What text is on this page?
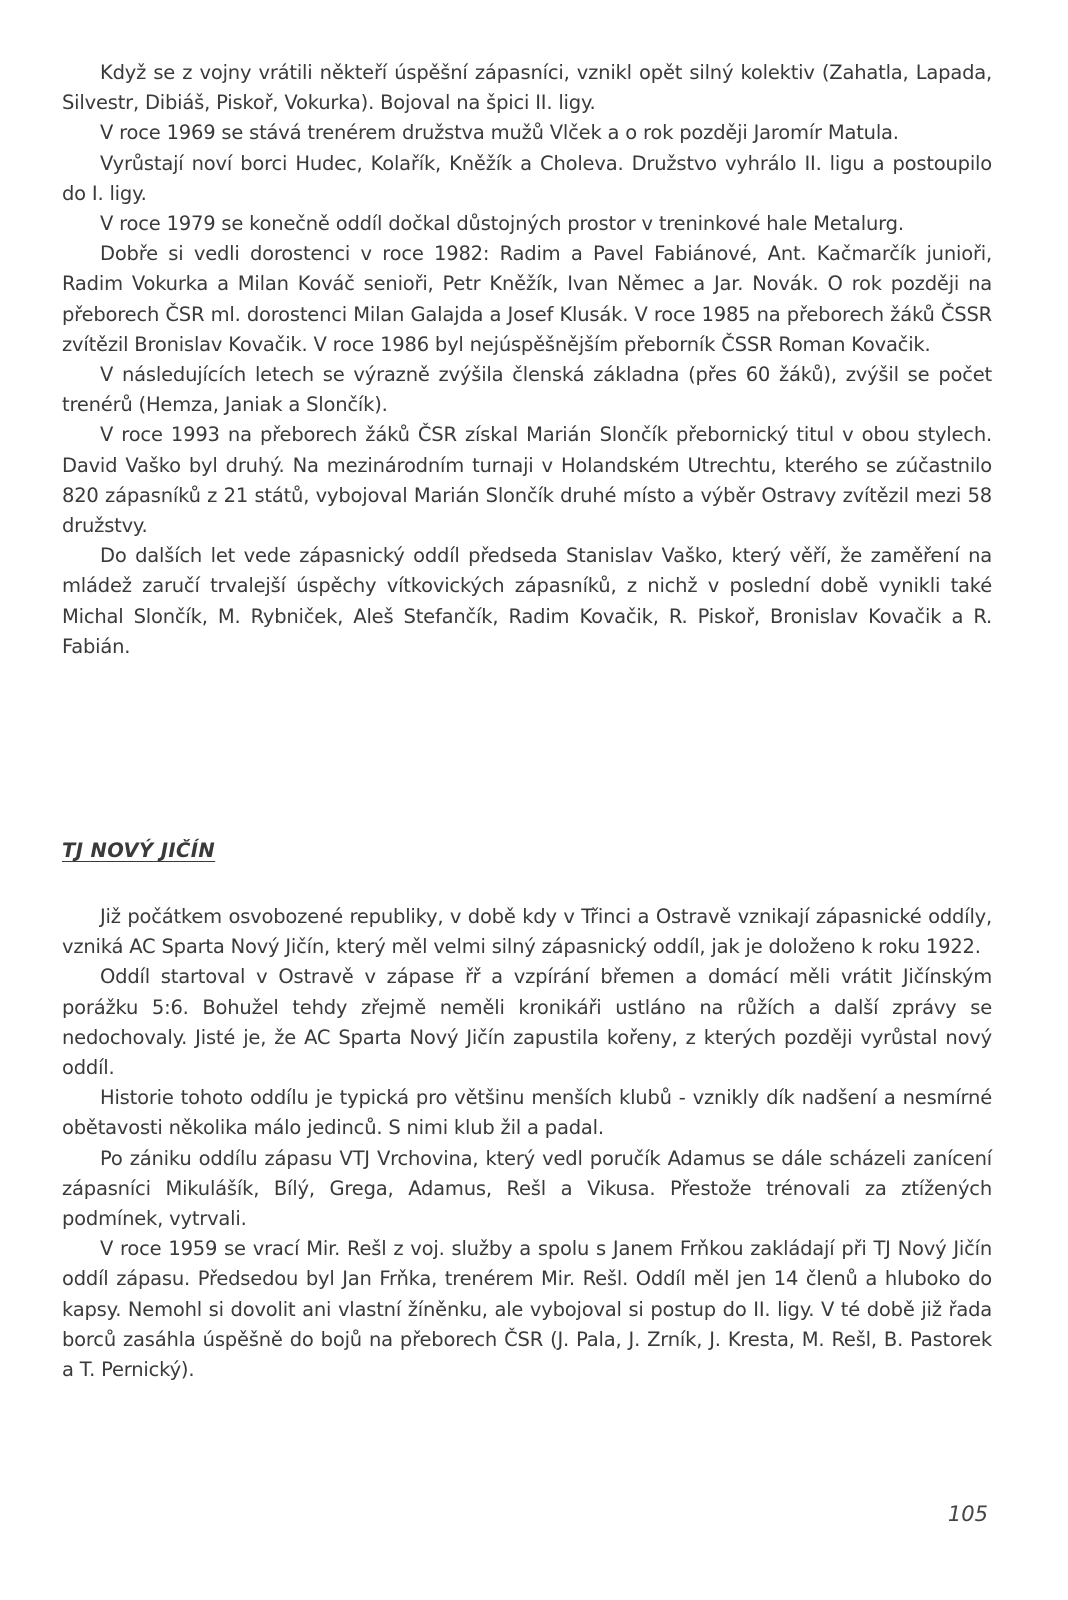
Když se z vojny vrátili někteří úspěšní zápasníci, vznikl opět silný kolektiv (Zahatla, Lapada, Silvestr, Dibiáš, Piskoř, Vokurka). Bojoval na špici II. ligy.

V roce 1969 se stává trenérem družstva mužů Vlček a o rok později Jaromír Matula.

Vyrůstají noví borci Hudec, Kolařík, Kněžík a Choleva. Družstvo vyhrálo II. ligu a postoupilo do I. ligy.

V roce 1979 se konečně oddíl dočkal důstojných prostor v treninkové hale Metalurg.

Dobře si vedli dorostenci v roce 1982: Radim a Pavel Fabiánové, Ant. Kačmarčík junioři, Radim Vokurka a Milan Kováč senioři, Petr Kněžík, Ivan Němec a Jar. Novák. O rok později na přeborech ČSR ml. dorostenci Milan Galajda a Josef Klusák. V roce 1985 na přeborech žáků ČSSR zvítězil Bronislav Kovačik. V roce 1986 byl nejúspěšnějším přeborník ČSSR Roman Kovačik.

V následujících letech se výrazně zvýšila členská základna (přes 60 žáků), zvýšil se počet trenérů (Hemza, Janiak a Slončík).

V roce 1993 na přeborech žáků ČSR získal Marián Slončík přebornický titul v obou stylech. David Vaško byl druhý. Na mezinárodním turnaji v Holandském Utrechtu, kterého se zúčastnilo 820 zápasníků z 21 států, vybojoval Marián Slončík druhé místo a výběr Ostravy zvítězil mezi 58 družstvy.

Do dalších let vede zápasnický oddíl předseda Stanislav Vaško, který věří, že zaměření na mládež zaručí trvalejší úspěchy vítkovických zápasníků, z nichž v poslední době vynikli také Michal Slončík, M. Rybniček, Aleš Stefančík, Radim Kovačik, R. Piskoř, Bronislav Kovačik a R. Fabián.

TJ NOVÝ JIČÍN

Již počátkem osvobozené republiky, v době kdy v Třinci a Ostravě vznikají zápasnické oddíly, vzniká AC Sparta Nový Jičín, který měl velmi silný zápasnický oddíl, jak je doloženo k roku 1922.

Oddíl startoval v Ostravě v zápase řř a vzpírání břemen a domácí měli vrátit Jičínským porážku 5:6. Bohužel tehdy zřejmě neměli kronikáři ustláno na růžích a další zprávy se nedochovaly. Jisté je, že AC Sparta Nový Jičín zapustila kořeny, z kterých později vyrůstal nový oddíl.

Historie tohoto oddílu je typická pro většinu menších klubů - vznikly dík nadšení a nesmírné obětavosti několika málo jedinců. S nimi klub žil a padal.

Po zániku oddílu zápasu VTJ Vrchovina, který vedl poručík Adamus se dále scházeli zanícení zápasníci Mikulášík, Bílý, Grega, Adamus, Rešl a Vikusa. Přestože trénovali za ztížených podmínek, vytrvali.

V roce 1959 se vrací Mir. Rešl z voj. služby a spolu s Janem Frňkou zakládají při TJ Nový Jičín oddíl zápasu. Předsedou byl Jan Frňka, trenérem Mir. Rešl. Oddíl měl jen 14 členů a hluboko do kapsy. Nemohl si dovolit ani vlastní žíněnku, ale vybojoval si postup do II. ligy. V té době již řada borců zasáhla úspěšně do bojů na přeborech ČSR (J. Pala, J. Zrník, J. Kresta, M. Rešl, B. Pastorek a T. Pernický).

105
